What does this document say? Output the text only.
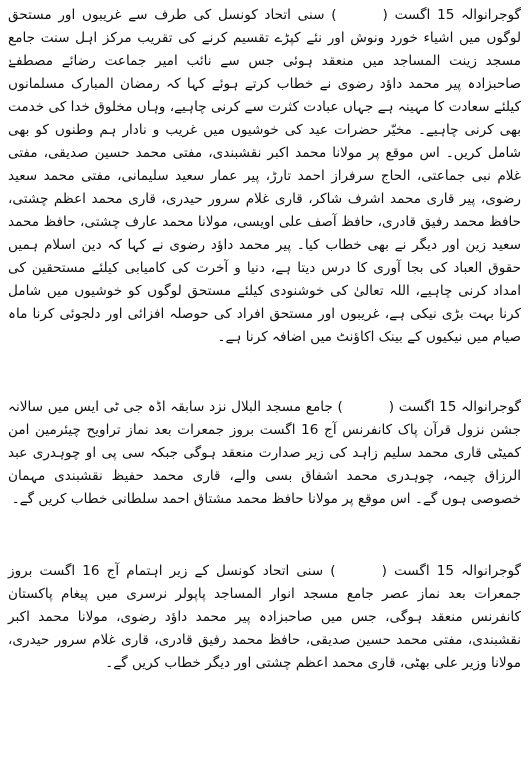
گوجرانوالہ 15 اگست () سنی اتحاد کونسل کی طرف سے غریبوں اور مستحق لوگوں میں اشیاء خورد ونوش اور نئے کپڑے تقسیم کرنے کی تقریب مرکز اہل سنت جامع مسجد زینت المساجد میں منعقد ہوئی جس سے نائب امیر جماعت رضائے مصطفےٰ صاحبزادہ پیر محمد داؤد رضوی نے خطاب کرتے ہوئے کہا کہ رمضان المبارک مسلمانوں کیلئے سعادت کا مہینہ ہے جہاں عبادت کثرت سے کرنی چاہیے، وہاں مخلوق خدا کی خدمت بھی کرنی چاہیے۔ مخیّر حضرات عید کی خوشیوں میں غریب و نادار ہم وطنوں کو بھی شامل کریں۔ اس موقع پر مولانا محمد اکبر نقشبندی، مفتی محمد حسین صدیقی، مفتی غلام نبی جماعتی، الحاج سرفراز احمد تارڑ، پیر عمار سعید سلیمانی، مفتی محمد سعید رضوی، پیر قاری محمد اشرف شاکر، قاری غلام سرور حیدری، قاری محمد اعظم چشتی، حافظ محمد رفیق قادری، حافظ آصف علی اویسی، مولانا محمد عارف چشتی، حافظ محمد سعید زین اور دیگر نے بھی خطاب کیا۔ پیر محمد داؤد رضوی نے کہا کہ دین اسلام ہمیں حقوق العباد کی بجا آوری کا درس دیتا ہے، دنیا و آخرت کی کامیابی کیلئے مستحقین کی امداد کرنی چاہیے، اللہ تعالیٰ کی خوشنودی کیلئے مستحق لوگوں کو خوشیوں میں شامل کرنا بہت بڑی نیکی ہے، غریبوں اور مستحق افراد کی حوصلہ افزائی اور دلجوئی کرنا ماہ صیام میں نیکیوں کے بینک اکاؤنٹ میں اضافہ کرنا ہے۔

گوجرانوالہ 15 اگست () جامع مسجد البلال نزد سابقہ اڈہ جی ٹی ایس میں سالانہ جشن نزول قرآن پاک کانفرنس آج 16 اگست بروز جمعرات بعد نماز تراویح چیئرمین امن کمیٹی قاری محمد سلیم زاہد کی زیر صدارت منعقد ہوگی جبکہ سی پی او چوہدری عبد الرزاق چیمہ، چوہدری محمد اشفاق بسی والے، قاری محمد حفیظ نقشبندی مہمان خصوصی ہوں گے۔ اس موقع پر مولانا حافظ محمد مشتاق احمد سلطانی خطاب کریں گے۔

گوجرانوالہ 15 اگست () سنی اتحاد کونسل کے زیر اہتمام آج 16 اگست بروز جمعرات بعد نماز عصر جامع مسجد انوار المساجد پاپولر نرسری میں پیغام پاکستان کانفرنس منعقد ہوگی، جس میں صاحبزادہ پیر محمد داؤد رضوی، مولانا محمد اکبر نقشبندی، مفتی محمد حسین صدیقی، حافظ محمد رفیق قادری، قاری غلام سرور حیدری، مولانا وزیر علی بھٹی، قاری محمد اعظم چشتی اور دیگر خطاب کریں گے۔
